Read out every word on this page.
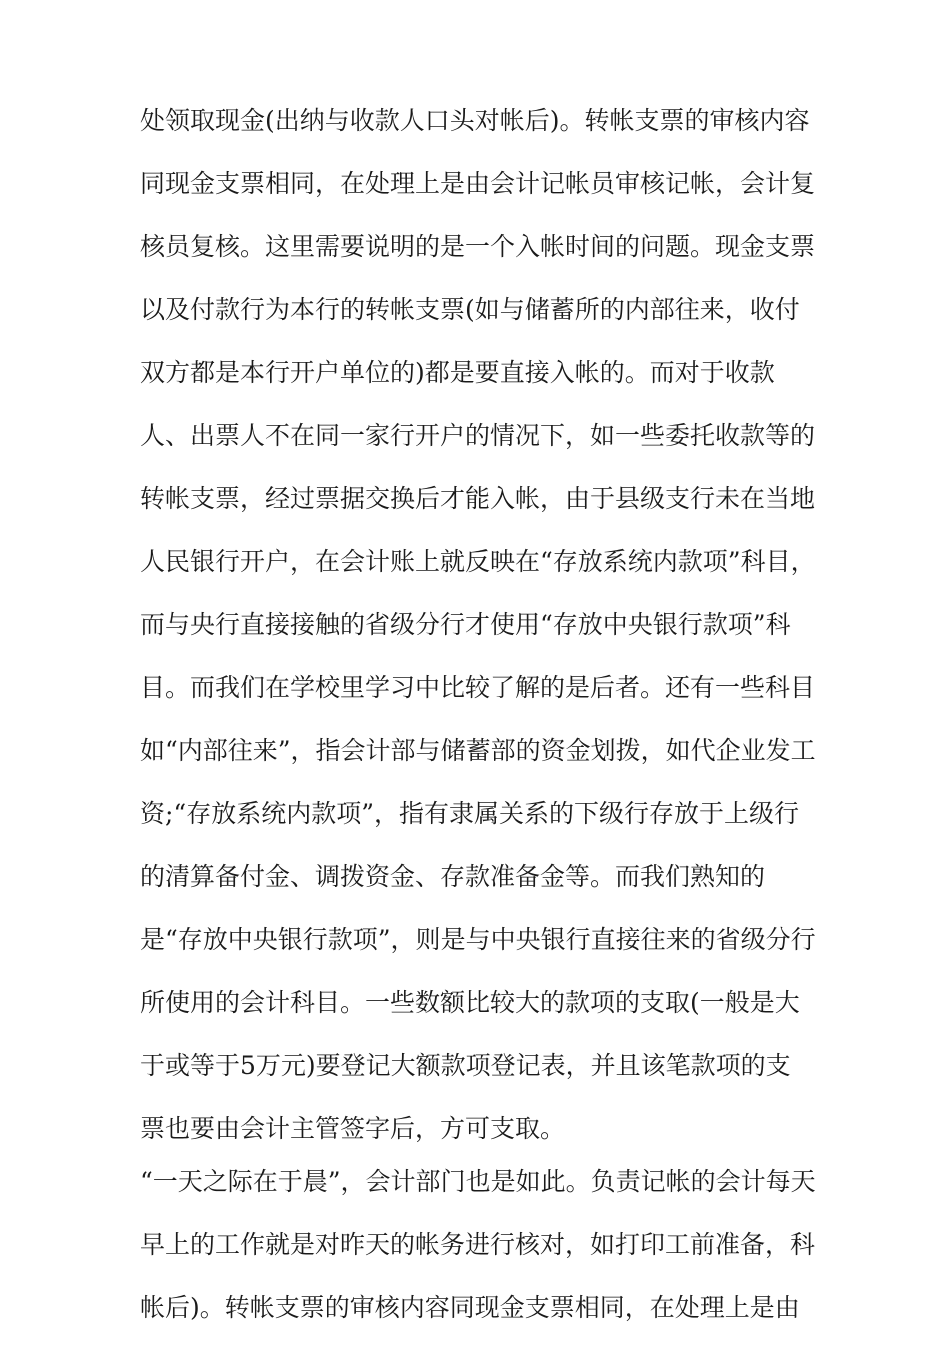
处领取现金(出纳与收款人口头对帐后)。转帐支票的审核内容
同现金支票相同，在处理上是由会计记帐员审核记帐，会计复
核员复核。这里需要说明的是一个入帐时间的问题。现金支票
以及付款行为本行的转帐支票(如与储蓄所的内部往来，收付
双方都是本行开户单位的)都是要直接入帐的。而对于收款
人、出票人不在同一家行开户的情况下，如一些委托收款等的
转帐支票，经过票据交换后才能入帐，由于县级支行未在当地
人民银行开户，在会计账上就反映在“存放系统内款项”科目，
而与央行直接接触的省级分行才使用“存放中央银行款项”科
目。而我们在学校里学习中比较了解的是后者。还有一些科目
如“内部往来”，指会计部与储蓄部的资金划拨，如代企业发工
资;“存放系统内款项”，指有隶属关系的下级行存放于上级行
的清算备付金、调拨资金、存款准备金等。而我们熟知的
是“存放中央银行款项”，则是与中央银行直接往来的省级分行
所使用的会计科目。一些数额比较大的款项的支取(一般是大
于或等于5万元)要登记大额款项登记表，并且该笔款项的支
票也要由会计主管签字后，方可支取。
“一天之际在于晨”，会计部门也是如此。负责记帐的会计每天
早上的工作就是对昨天的帐务进行核对，如打印工前准备，科
帐后)。转帐支票的审核内容同现金支票相同，在处理上是由
